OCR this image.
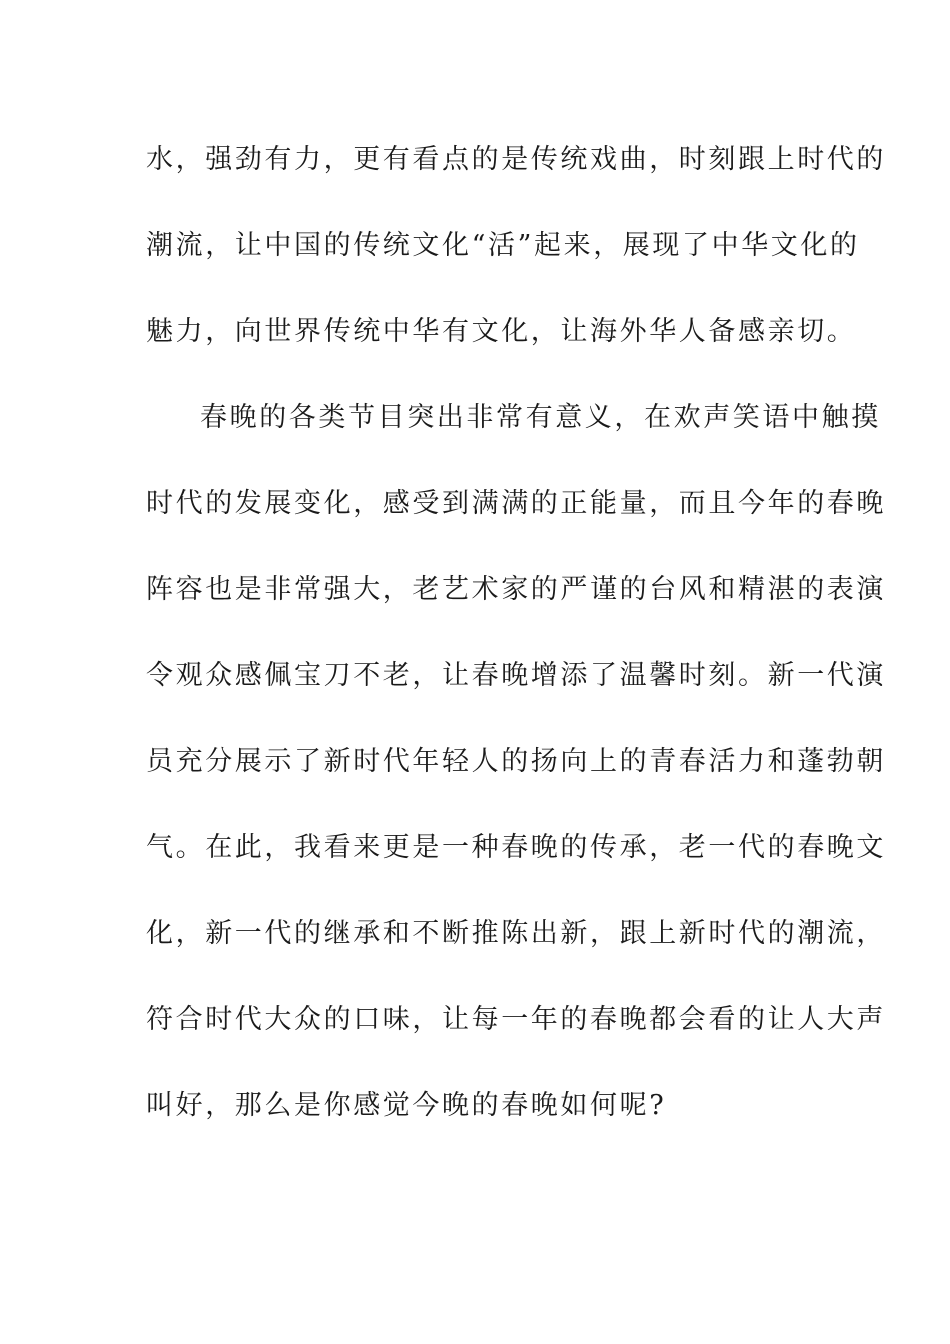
水，强劲有力，更有看点的是传统戏曲，时刻跟上时代的
潮流，让中国的传统文化“活”起来，展现了中华文化的
魅力，向世界传统中华有文化，让海外华人备感亲切。
春晚的各类节目突出非常有意义，在欢声笑语中触摸
时代的发展变化，感受到满满的正能量，而且今年的春晚
阵容也是非常强大，老艺术家的严谨的台风和精湛的表演
令观众感佩宝刀不老，让春晚增添了温馨时刻。新一代演
员充分展示了新时代年轻人的扬向上的青春活力和蓬勃朝
气。在此，我看来更是一种春晚的传承，老一代的春晚文
化，新一代的继承和不断推陈出新，跟上新时代的潮流，
符合时代大众的口味，让每一年的春晚都会看的让人大声
叫好，那么是你感觉今晚的春晚如何呢?
